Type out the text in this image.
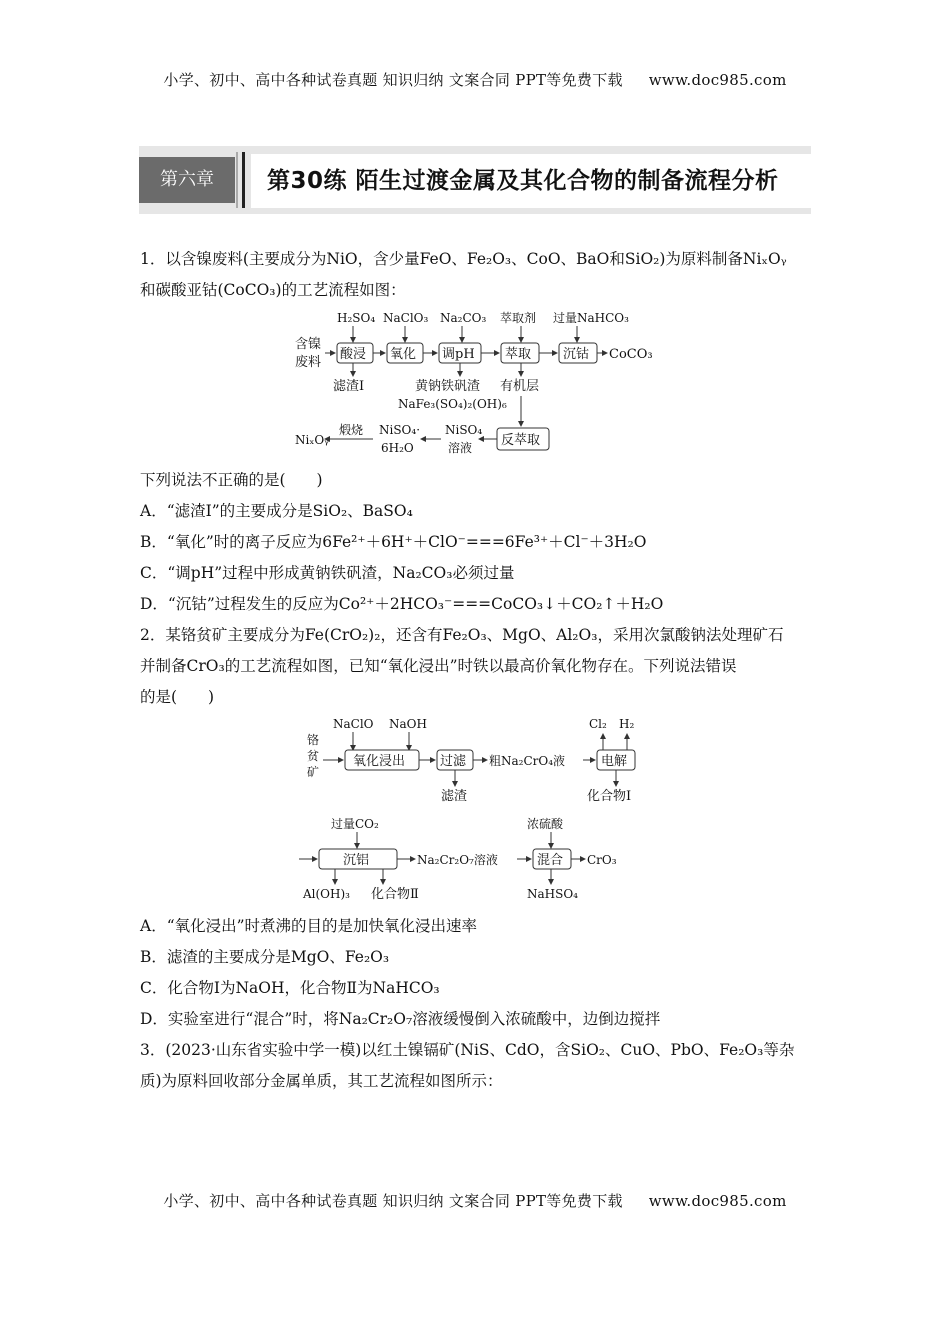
小学、初中、高中各种试卷真题 知识归纳 文案合同 PPT等免费下载 www.doc985.com
第六章	第30练 陌生过渡金属及其化合物的制备流程分析
1．以含镍废料(主要成分为NiO，含少量FeO、Fe₂O₃、CoO、BaO和SiO₂)为原料制备NiₓOᵧ
和碳酸亚钴(CoCO₃)的工艺流程如图：
H₂SO₄ NaClO₃ Na₂CO₃ 萃取剂 过量NaHCO₃
含镍
废料
酸浸 氧化 调pH 萃取 沉钴 CoCO₃
滤渣Ⅰ	黄钠铁矾渣
NaFe₃(SO₄)₂(OH)₆
有机层
反萃取
NiSO₄
溶液
NiSO₄·
6H₂O
煅烧
NiₓOᵧ
下列说法不正确的是(　　)
A．“滤渣Ⅰ”的主要成分是SiO₂、BaSO₄
B．“氧化”时的离子反应为6Fe²⁺＋6H⁺＋ClO⁻===6Fe³⁺＋Cl⁻＋3H₂O
C．“调pH”过程中形成黄钠铁矾渣，Na₂CO₃必须过量
D．“沉钴”过程发生的反应为Co²⁺＋2HCO₃⁻===CoCO₃↓＋CO₂↑＋H₂O
2．某铬贫矿主要成分为Fe(CrO₂)₂，还含有Fe₂O₃、MgO、Al₂O₃，采用次氯酸钠法处理矿石
并制备CrO₃的工艺流程如图，已知“氧化浸出”时铁以最高价氧化物存在。下列说法错误
的是(　　)
NaClO NaOH
铬
贫
矿
氧化浸出	过滤 粗Na₂CrO₄液	电解
Cl₂ H₂
滤渣	化合物Ⅰ
过量CO₂	浓硫酸
沉铝	Na₂Cr₂O₇溶液	混合 CrO₃
Al(OH)₃ 化合物Ⅱ	NaHSO₄
A．“氧化浸出”时煮沸的目的是加快氧化浸出速率
B．滤渣的主要成分是MgO、Fe₂O₃
C．化合物Ⅰ为NaOH，化合物Ⅱ为NaHCO₃
D．实验室进行“混合”时，将Na₂Cr₂O₇溶液缓慢倒入浓硫酸中，边倒边搅拌
3．(2023·山东省实验中学一模)以红土镍镉矿(NiS、CdO，含SiO₂、CuO、PbO、Fe₂O₃等杂
质)为原料回收部分金属单质，其工艺流程如图所示：
小学、初中、高中各种试卷真题 知识归纳 文案合同 PPT等免费下载 www.doc985.com
